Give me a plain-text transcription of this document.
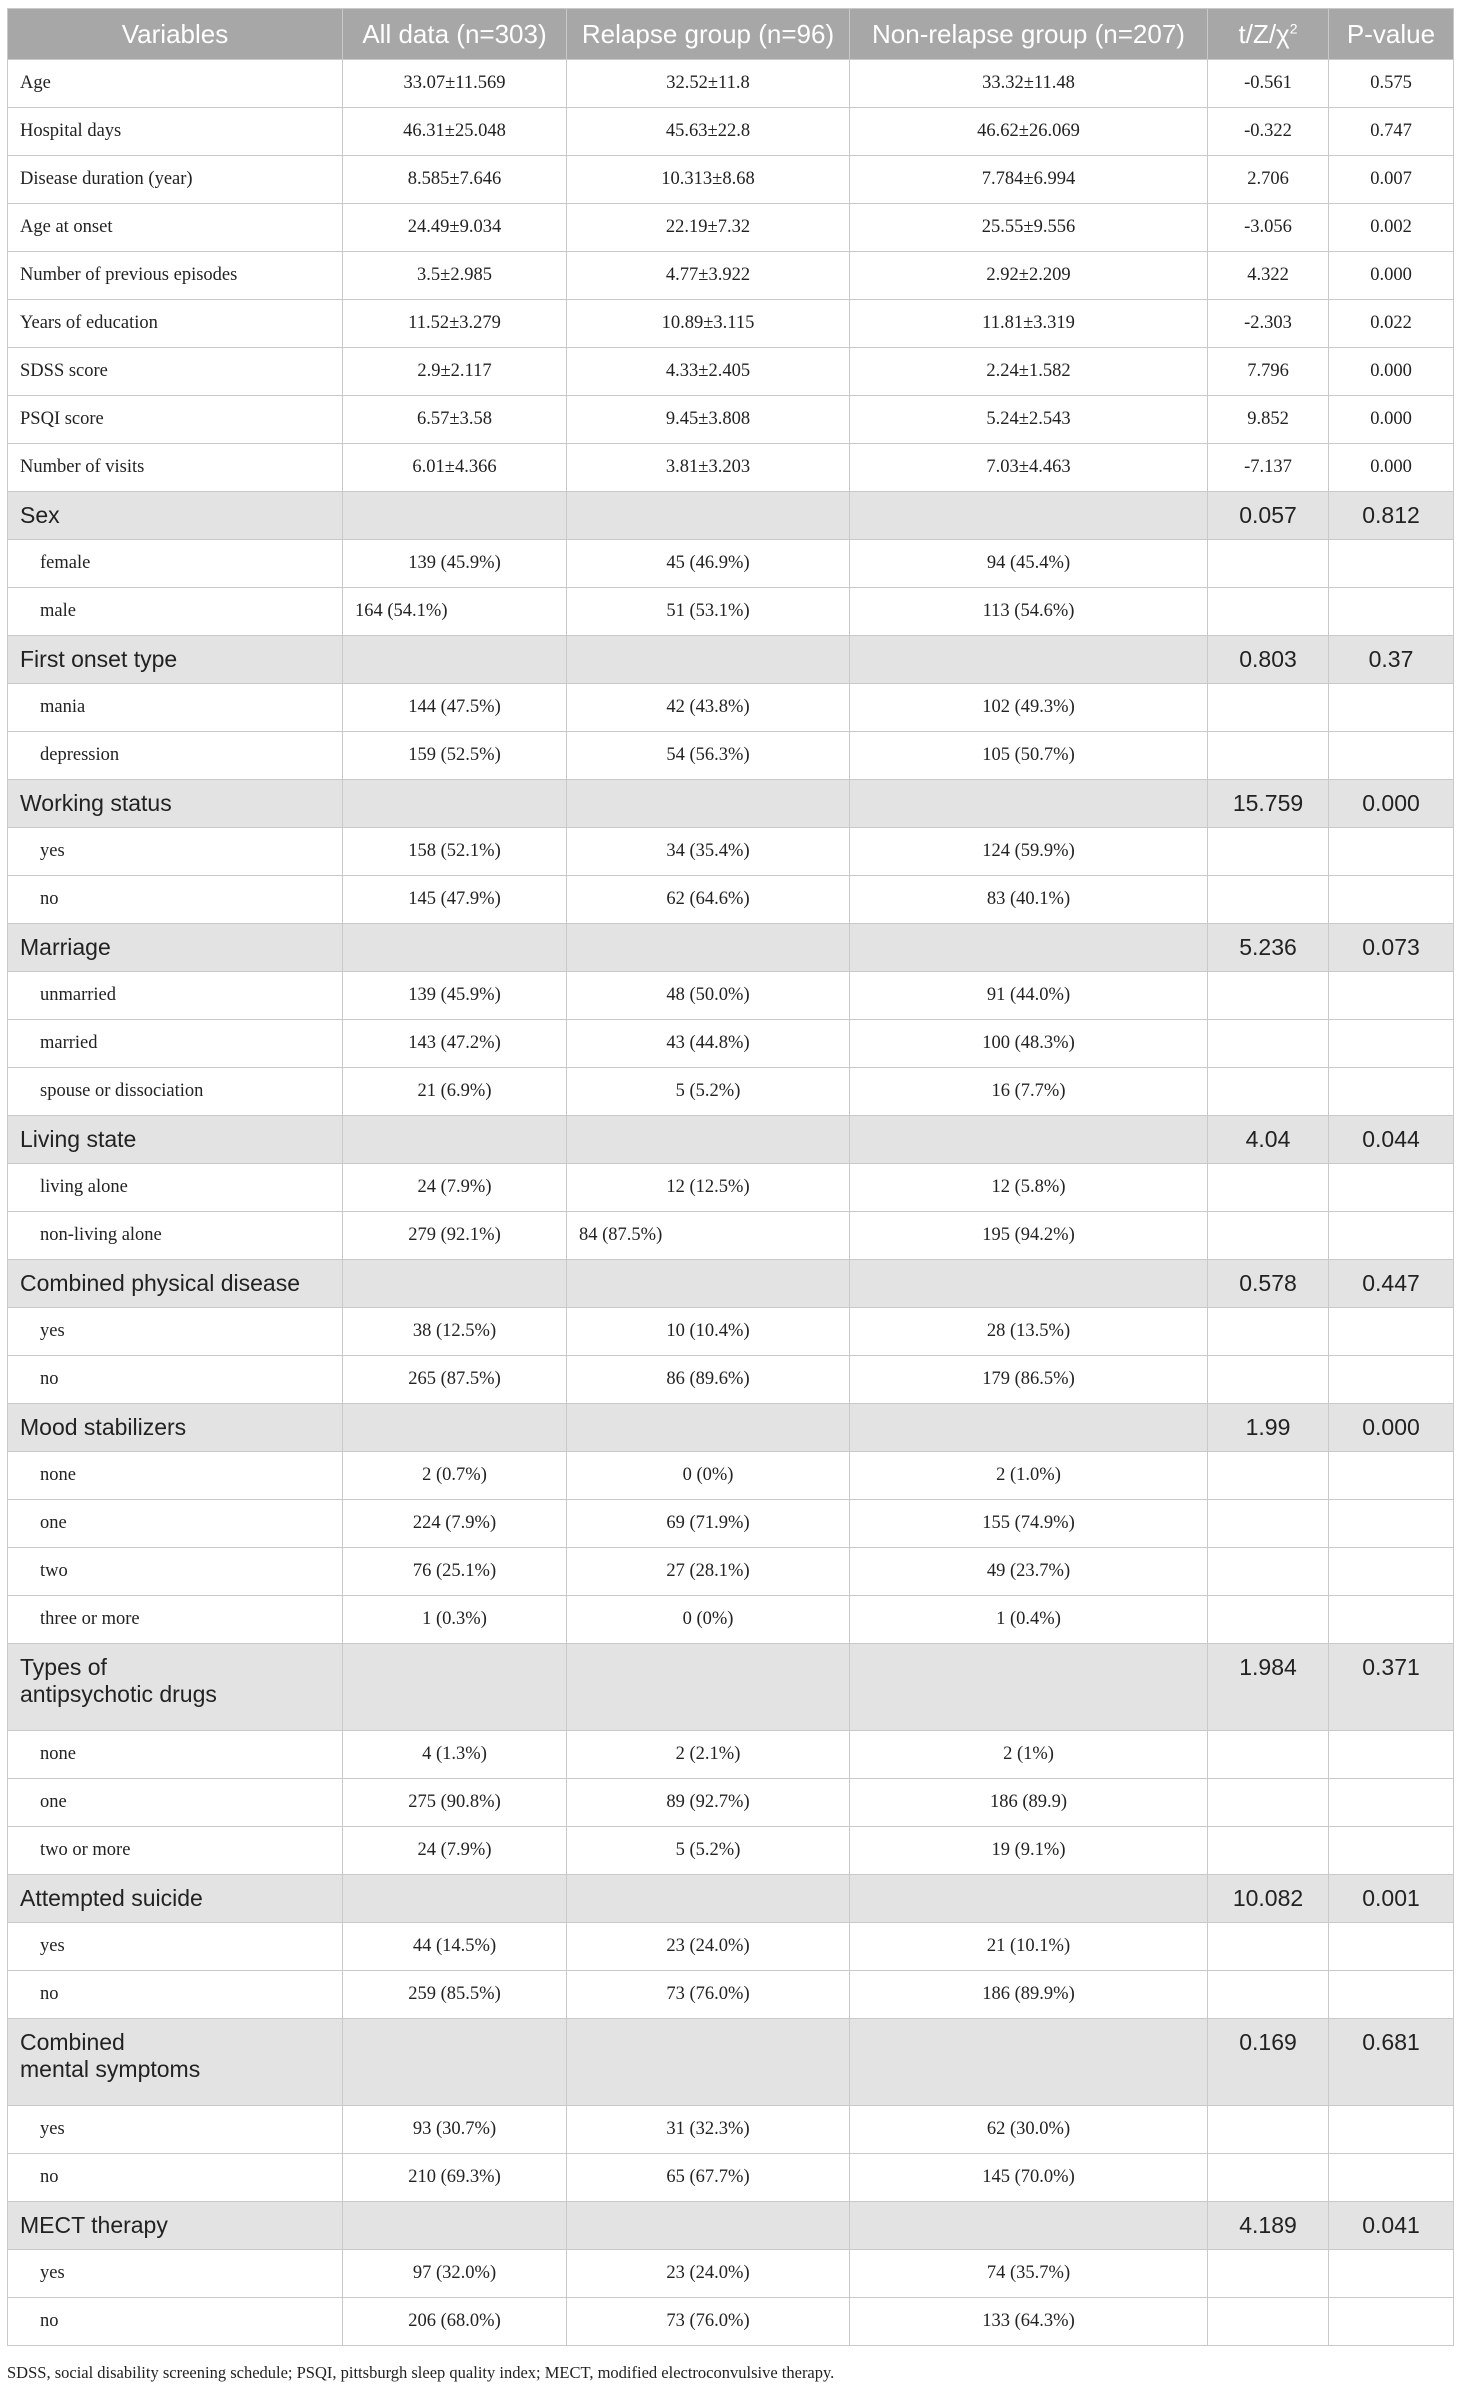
Variables	All data (n=303)	Relapse group (n=96)	Non-relapse group (n=207)	$t/Z/\chi^2$	P-value
Age	33.07±11.569	32.52±11.8	33.32±11.48	-0.561	0.575
Hospital days	46.31±25.048	45.63±22.8	46.62±26.069	-0.322	0.747
Disease duration (year)	8.585±7.646	10.313±8.68	7.784±6.994	2.706	0.007
Age at onset	24.49±9.034	22.19±7.32	25.55±9.556	-3.056	0.002
Number of previous episodes	3.5±2.985	4.77±3.922	2.92±2.209	4.322	0.000
Years of education	11.52±3.279	10.89±3.115	11.81±3.319	-2.303	0.022
SDSS score	2.9±2.117	4.33±2.405	2.24±1.582	7.796	0.000
PSQI score	6.57±3.58	9.45±3.808	5.24±2.543	9.852	0.000
Number of visits	6.01±4.366	3.81±3.203	7.03±4.463	-7.137	0.000
Sex				0.057	0.812
female	139 (45.9%)	45 (46.9%)	94 (45.4%)		
male	164 (54.1%)	51 (53.1%)	113 (54.6%)		
First onset type				0.803	0.37
mania	144 (47.5%)	42 (43.8%)	102 (49.3%)		
depression	159 (52.5%)	54 (56.3%)	105 (50.7%)		
Working status				15.759	0.000
yes	158 (52.1%)	34 (35.4%)	124 (59.9%)		
no	145 (47.9%)	62 (64.6%)	83 (40.1%)		
Marriage				5.236	0.073
unmarried	139 (45.9%)	48 (50.0%)	91 (44.0%)		
married	143 (47.2%)	43 (44.8%)	100 (48.3%)		
spouse or dissociation	21 (6.9%)	5 (5.2%)	16 (7.7%)		
Living state				4.04	0.044
living alone	24 (7.9%)	12 (12.5%)	12 (5.8%)		
non-living alone	279 (92.1%)	84 (87.5%)	195 (94.2%)		
Combined physical disease				0.578	0.447
yes	38 (12.5%)	10 (10.4%)	28 (13.5%)		
no	265 (87.5%)	86 (89.6%)	179 (86.5%)		
Mood stabilizers				1.99	0.000
none	2 (0.7%)	0 (0%)	2 (1.0%)		
one	224 (7.9%)	69 (71.9%)	155 (74.9%)		
two	76 (25.1%)	27 (28.1%)	49 (23.7%)		
three or more	1 (0.3%)	0 (0%)	1 (0.4%)		
Types of
antipsychotic drugs				1.984	0.371
none	4 (1.3%)	2 (2.1%)	2 (1%)		
one	275 (90.8%)	89 (92.7%)	186 (89.9)		
two or more	24 (7.9%)	5 (5.2%)	19 (9.1%)		
Attempted suicide				10.082	0.001
yes	44 (14.5%)	23 (24.0%)	21 (10.1%)		
no	259 (85.5%)	73 (76.0%)	186 (89.9%)		
Combined
mental symptoms				0.169	0.681
yes	93 (30.7%)	31 (32.3%)	62 (30.0%)		
no	210 (69.3%)	65 (67.7%)	145 (70.0%)		
MECT therapy				4.189	0.041
yes	97 (32.0%)	23 (24.0%)	74 (35.7%)		
no	206 (68.0%)	73 (76.0%)	133 (64.3%)		
SDSS, social disability screening schedule; PSQI, pittsburgh sleep quality index; MECT, modified electroconvulsive therapy.
